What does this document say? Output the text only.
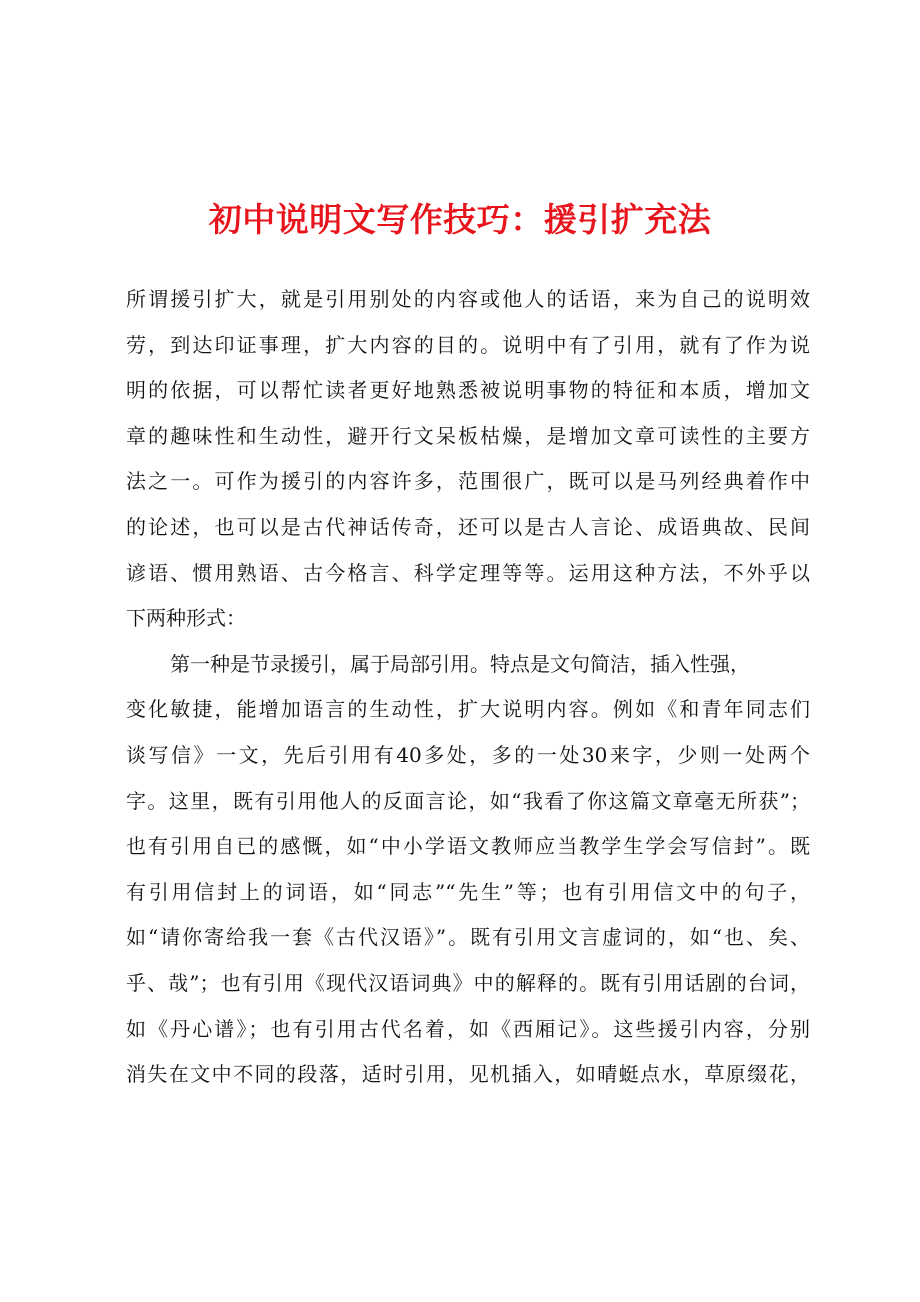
初中说明文写作技巧：援引扩充法
所谓援引扩大，就是引用别处的内容或他人的话语，来为自己的说明效
劳，到达印证事理，扩大内容的目的。说明中有了引用，就有了作为说
明的依据，可以帮忙读者更好地熟悉被说明事物的特征和本质，增加文
章的趣味性和生动性，避开行文呆板枯燥，是增加文章可读性的主要方
法之一。可作为援引的内容许多，范围很广，既可以是马列经典着作中
的论述，也可以是古代神话传奇，还可以是古人言论、成语典故、民间
谚语、惯用熟语、古今格言、科学定理等等。运用这种方法，不外乎以
下两种形式：
第一种是节录援引，属于局部引用。特点是文句简洁，插入性强，
变化敏捷，能增加语言的生动性，扩大说明内容。例如《和青年同志们
谈写信》一文，先后引用有40多处，多的一处30来字，少则一处两个
字。这里，既有引用他人的反面言论，如“我看了你这篇文章毫无所获”；
也有引用自已的感慨，如“中小学语文教师应当教学生学会写信封”。既
有引用信封上的词语，如“同志”“先生”等；也有引用信文中的句子，
如“请你寄给我一套《古代汉语》”。既有引用文言虚词的，如“也、矣、
乎、哉”；也有引用《现代汉语词典》中的解释的。既有引用话剧的台词，
如《丹心谱》；也有引用古代名着，如《西厢记》。这些援引内容，分别
消失在文中不同的段落，适时引用，见机插入，如晴蜓点水，草原缀花，
